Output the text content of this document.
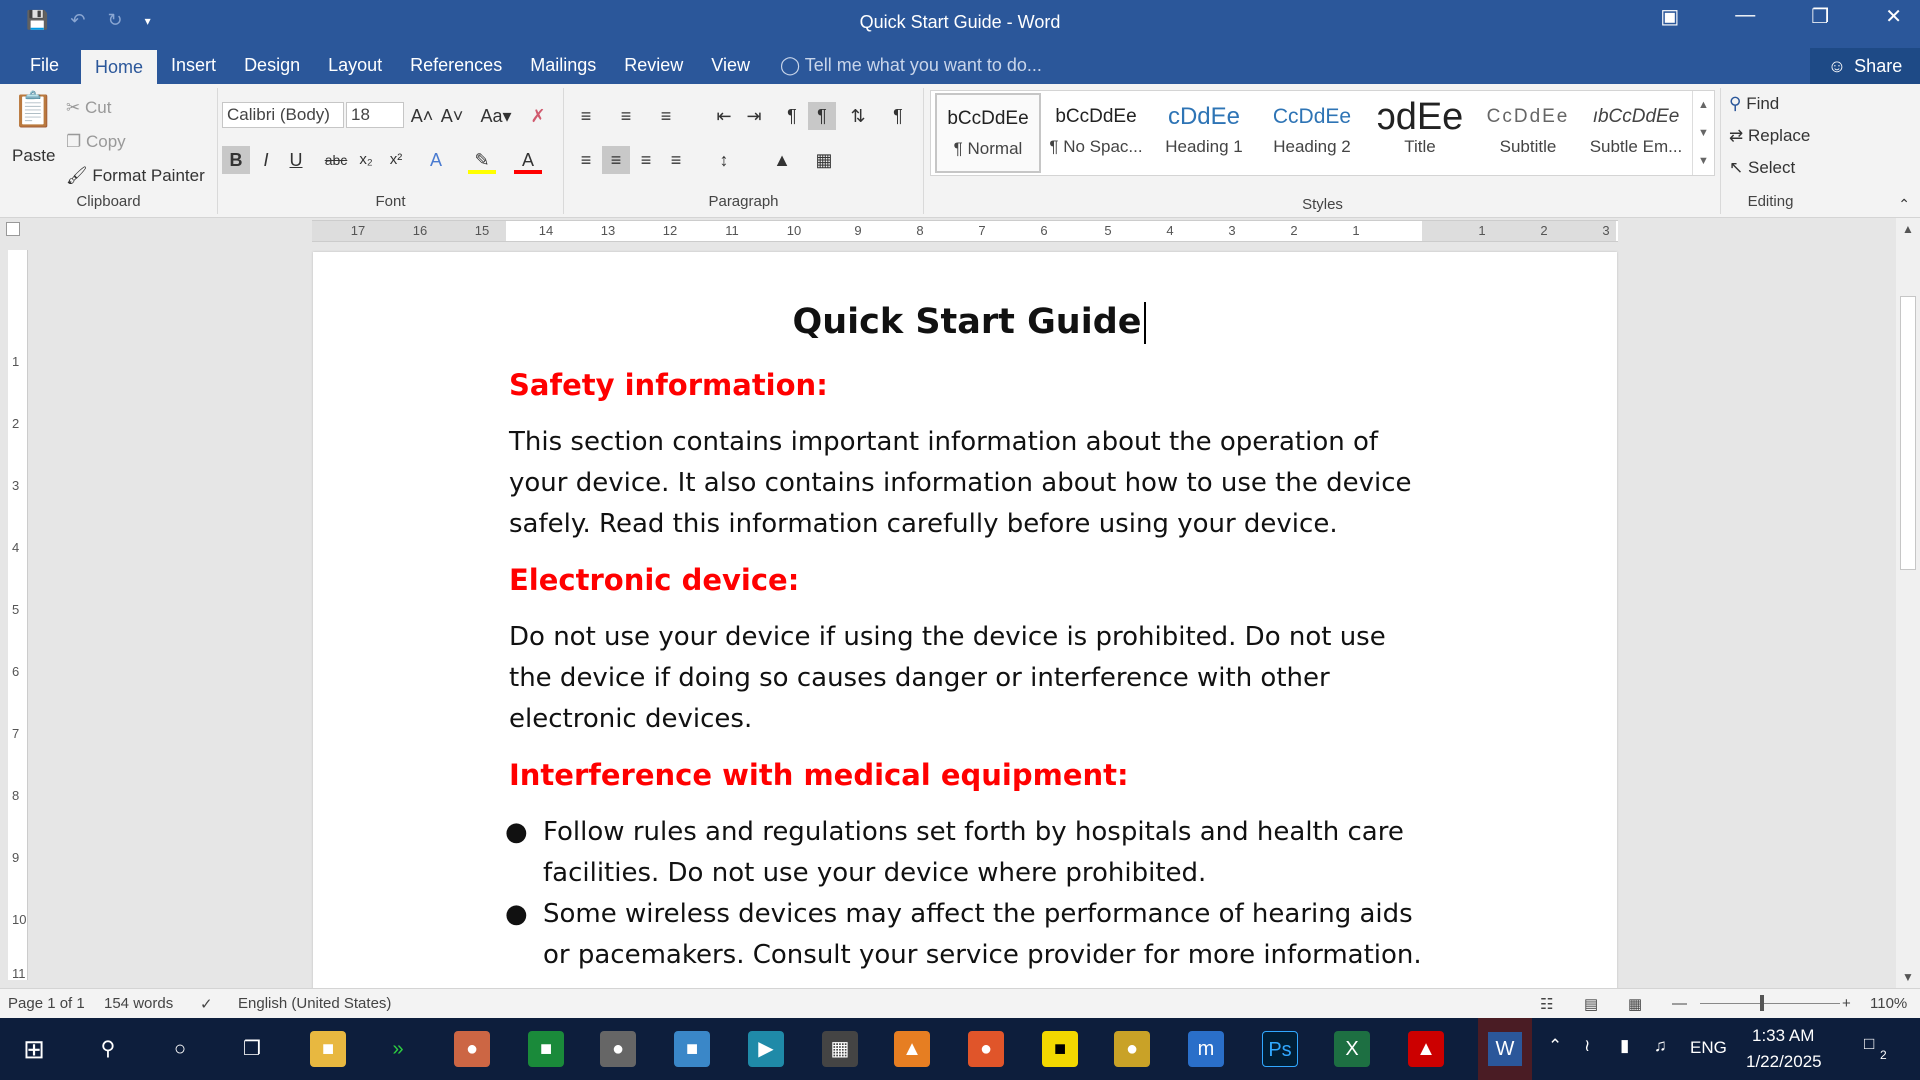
💾 ↶ ↻ ▾	Quick Start Guide - Word	▣	—	❐	✕
File	Home	Insert	Design	Layout	References	Mailings	Review	View	◯ Tell me what you want to do...	☺ Share
📋
Paste
✂ Cut
❐ Copy
🖌 Format Painter
Clipboard
Calibri (Body)	18	A˄ A˅ Aa▾	✗
B	I	U	abc x₂	x²	A	✎	A
Font
≡	≡	≡	⇤ ⇥	¶	¶	⇅	¶
≡	≡	≡	≡	↕	▲	▦
Paragraph
bCcDdEe
¶ Normal
bCcDdEe
¶ No Spac...
cDdEe
Heading 1
CcDdEe
Heading 2
ɔdEe
Title
CcDdEe
Subtitle
ıbCcDdEe
Subtle Em...
▲
▼
▼
Styles
⚲ Find
⇄ Replace
↖ Select
Editing	⌃
17	16	15	14	13	12	11	10	9	8	7	6	5	4	3	2	1	1	2	3
1
2
3
4
5
6
7
8
9
10
11
Quick Start Guide
Safety information:

This section contains important information about the operation of your device. It also contains information about how to use the device safely. Read this information carefully before using your device.

Electronic device:

Do not use your device if using the device is prohibited. Do not use the device if doing so causes danger or interference with other electronic devices.

Interference with medical equipment:
● Follow rules and regulations set forth by hospitals and health care facilities. Do not use your device where prohibited.
● Some wireless devices may affect the performance of hearing aids or pacemakers. Consult your service provider for more information.
▲
▼
Page 1 of 1 154 words ✓ English (United States)	☷ ▤ ▦ —	+ 110%
⊞	⚲	○	❐	■	»	●	■	●	■	▶	▦	▲	●	■	●	m	Ps	X	▲	W	⌃ ≀ ▮ ♫ ENG
1:33 AM
1/22/2025
□
2
